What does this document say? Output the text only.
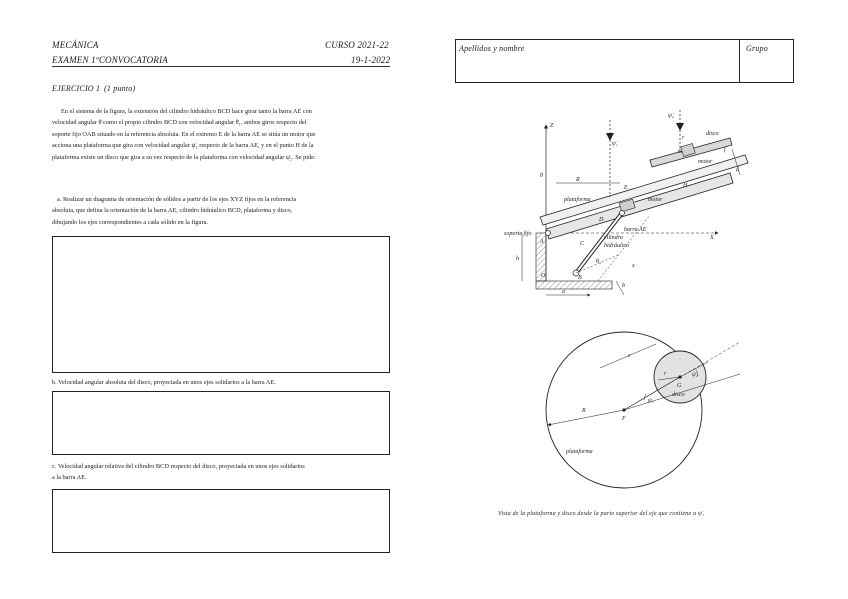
MECÁNICA	CURSO 2021-22
EXAMEN 1ºCONVOCATORIA	19-1-2022
EJERCICIO 1 (1 punto)
En el sistema de la figura, la extensión del cilindro hidráulico BCD hace girar tanto la barra AE con
velocidad angular θ̇ como el propio cilindro BCD con velocidad angular θ̇₁, ambos giros respecto del
soporte fijo OAB situado en la referencia absoluta. En el extremo E de la barra AE se sitúa un motor que
acciona una plataforma que gira con velocidad angular ψ̇₁ respecto de la barra AE, y en el punto H de la
plataforma existe un disco que gira a su vez respecto de la plataforma con velocidad angular ψ̇₂. Se pide:
a. Realizar un diagrama de orientación de sólidos a partir de los ejes XYZ fijos en la referencia
absoluta, que defina la orientación de la barra AE, cilindro hidráulico BCD, plataforma y disco,
dibujando los ejes correspondientes a cada sólido en la figura.
b. Velocidad angular absoluta del disco, proyectada en unos ejes solidarios a la barra AE.
c. Velocidad angular relativa del cilindro BCD respecto del disco, proyectada en unos ejes solidarios
a la barra AE.
Apellidos y nombre	Grupo
ψ̇₂
ψ̇₁
Z
r
disco
G	f
motor
H
d
θ
R
E
plataforma	motor
D
barra AE
soporte fijo
A	C
cilindro
hidráulico
X
h	θ₁
x
O	B
b
a
c
r
G
ψ₂
disco
R
ψ₁
F
plataforma
Vista de la plataforma y disco desde la parte superior del eje que contiene a ψ̇₁
